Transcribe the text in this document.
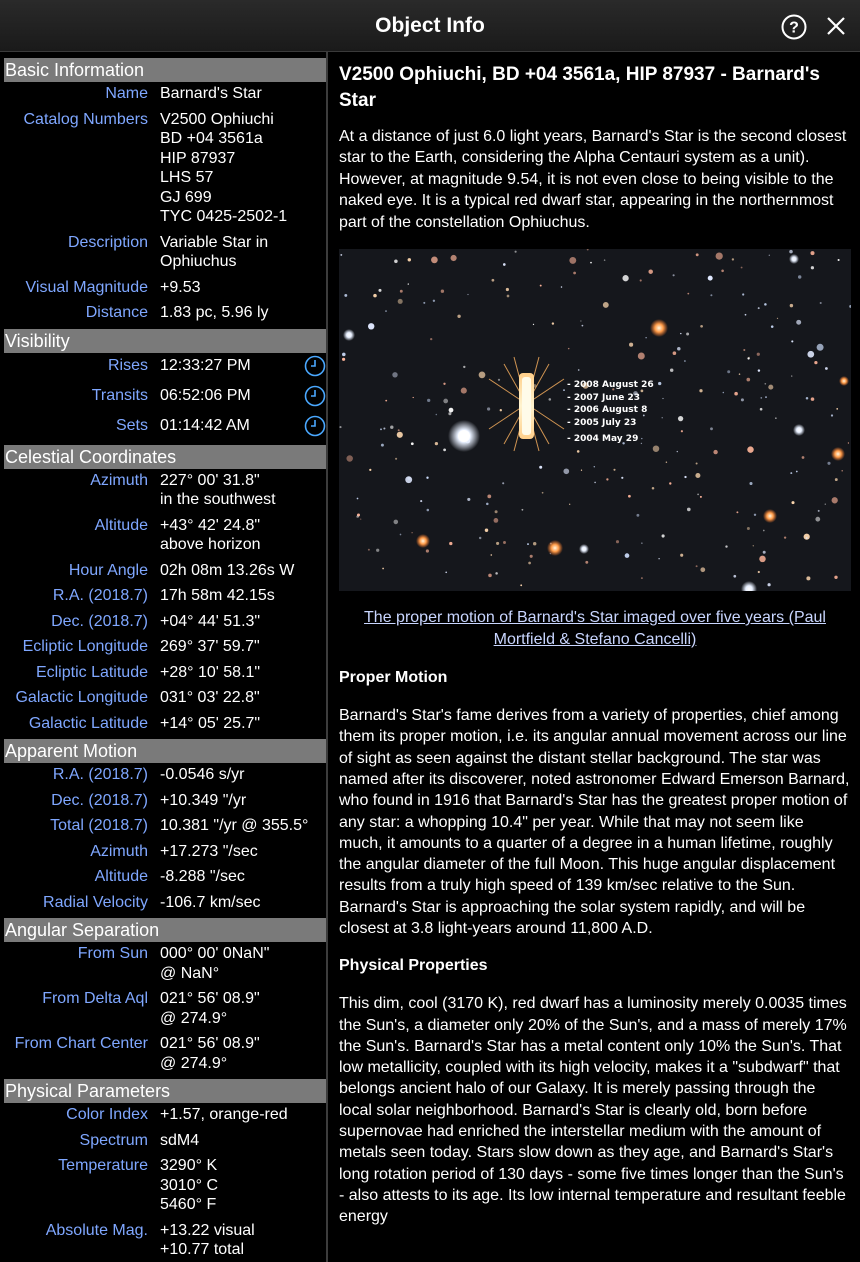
Object Info	?
Basic Information
Name Barnard's Star
Catalog Numbers V2500 Ophiuchi
BD +04 3561a
HIP 87937
LHS 57
GJ 699
TYC 0425-2502-1
Description Variable Star in
Ophiuchus
Visual Magnitude +9.53
Distance 1.83 pc, 5.96 ly
Visibility
Rises 12:33:27 PM
Transits 06:52:06 PM
Sets 01:14:42 AM
Celestial Coordinates
Azimuth 227° 00' 31.8"
in the southwest
Altitude +43° 42' 24.8"
above horizon
Hour Angle 02h 08m 13.26s W
R.A. (2018.7) 17h 58m 42.15s
Dec. (2018.7) +04° 44' 51.3"
Ecliptic Longitude 269° 37' 59.7"
Ecliptic Latitude +28° 10' 58.1"
Galactic Longitude 031° 03' 22.8"
Galactic Latitude +14° 05' 25.7"
Apparent Motion
R.A. (2018.7) -0.0546 s/yr
Dec. (2018.7) +10.349 "/yr
Total (2018.7) 10.381 "/yr @ 355.5°
Azimuth +17.273 "/sec
Altitude -8.288 "/sec
Radial Velocity -106.7 km/sec
Angular Separation
From Sun 000° 00' 0NaN"
@ NaN°
From Delta Aql 021° 56' 08.9"
@ 274.9°
From Chart Center 021° 56' 08.9"
@ 274.9°
Physical Parameters
Color Index +1.57, orange-red
Spectrum sdM4
Temperature 3290° K
3010° C
5460° F
Absolute Mag. +13.22 visual
+10.77 total
V2500 Ophiuchi, BD +04 3561a, HIP 87937 - Barnard's Star
At a distance of just 6.0 light years, Barnard's Star is the second closest star to the Earth, considering the Alpha Centauri system as a unit). However, at magnitude 9.54, it is not even close to being visible to the naked eye. It is a typical red dwarf star, appearing in the northernmost part of the constellation Ophiuchus.
- 2008 August 26
- 2007 June 23
- 2006 August 8
- 2005 July 23
- 2004 May 29
The proper motion of Barnard's Star imaged over five years (Paul Mortfield & Stefano Cancelli)
Proper Motion
Barnard's Star's fame derives from a variety of properties, chief among them its proper motion, i.e. its angular annual movement across our line of sight as seen against the distant stellar background. The star was named after its discoverer, noted astronomer Edward Emerson Barnard, who found in 1916 that Barnard's Star has the greatest proper motion of any star: a whopping 10.4" per year. While that may not seem like much, it amounts to a quarter of a degree in a human lifetime, roughly the angular diameter of the full Moon. This huge angular displacement results from a truly high speed of 139 km/sec relative to the Sun. Barnard's Star is approaching the solar system rapidly, and will be closest at 3.8 light-years around 11,800 A.D.
Physical Properties
This dim, cool (3170 K), red dwarf has a luminosity merely 0.0035 times the Sun's, a diameter only 20% of the Sun's, and a mass of merely 17% the Sun's. Barnard's Star has a metal content only 10% the Sun's. That low metallicity, coupled with its high velocity, makes it a "subdwarf" that belongs ancient halo of our Galaxy. It is merely passing through the local solar neighborhood. Barnard's Star is clearly old, born before supernovae had enriched the interstellar medium with the amount of metals seen today. Stars slow down as they age, and Barnard's Star's long rotation period of 130 days - some five times longer than the Sun's - also attests to its age. Its low internal temperature and resultant feeble energy
